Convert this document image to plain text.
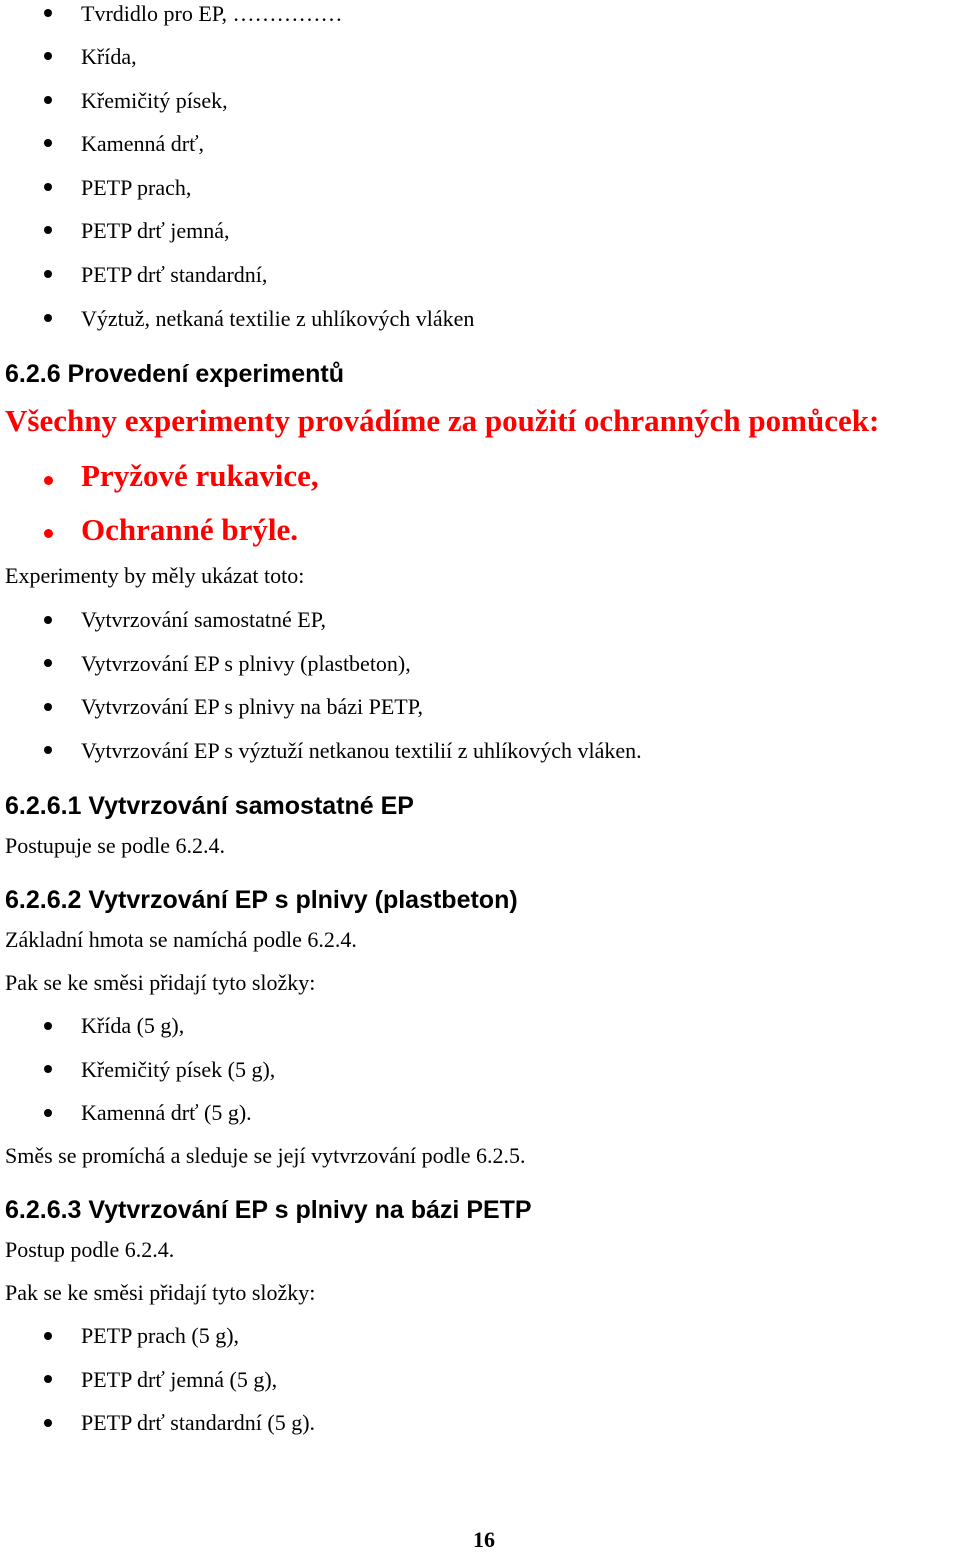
Tvrdidlo pro EP, ……………
Křída,
Křemičitý písek,
Kamenná drť,
PETP prach,
PETP drť jemná,
PETP drť standardní,
Výztuž, netkaná textilie z uhlíkových vláken
6.2.6 Provedení experimentů
Všechny experimenty provádíme za použití ochranných pomůcek:
Pryžové rukavice,
Ochranné brýle.
Experimenty by měly ukázat toto:
Vytvrzování samostatné EP,
Vytvrzování EP s plnivy (plastbeton),
Vytvrzování EP s plnivy na bázi PETP,
Vytvrzování EP s výztuží netkanou textilií z uhlíkových vláken.
6.2.6.1 Vytvrzování samostatné EP
Postupuje se podle 6.2.4.
6.2.6.2 Vytvrzování EP s plnivy (plastbeton)
Základní hmota se namíchá podle 6.2.4.
Pak se ke směsi přidají tyto složky:
Křída (5 g),
Křemičitý písek (5 g),
Kamenná drť (5 g).
Směs se promíchá a sleduje se její vytvrzování podle 6.2.5.
6.2.6.3 Vytvrzování EP s plnivy na bázi PETP
Postup podle 6.2.4.
Pak se ke směsi přidají tyto složky:
PETP prach (5 g),
PETP drť jemná (5 g),
PETP drť standardní (5 g).
16
